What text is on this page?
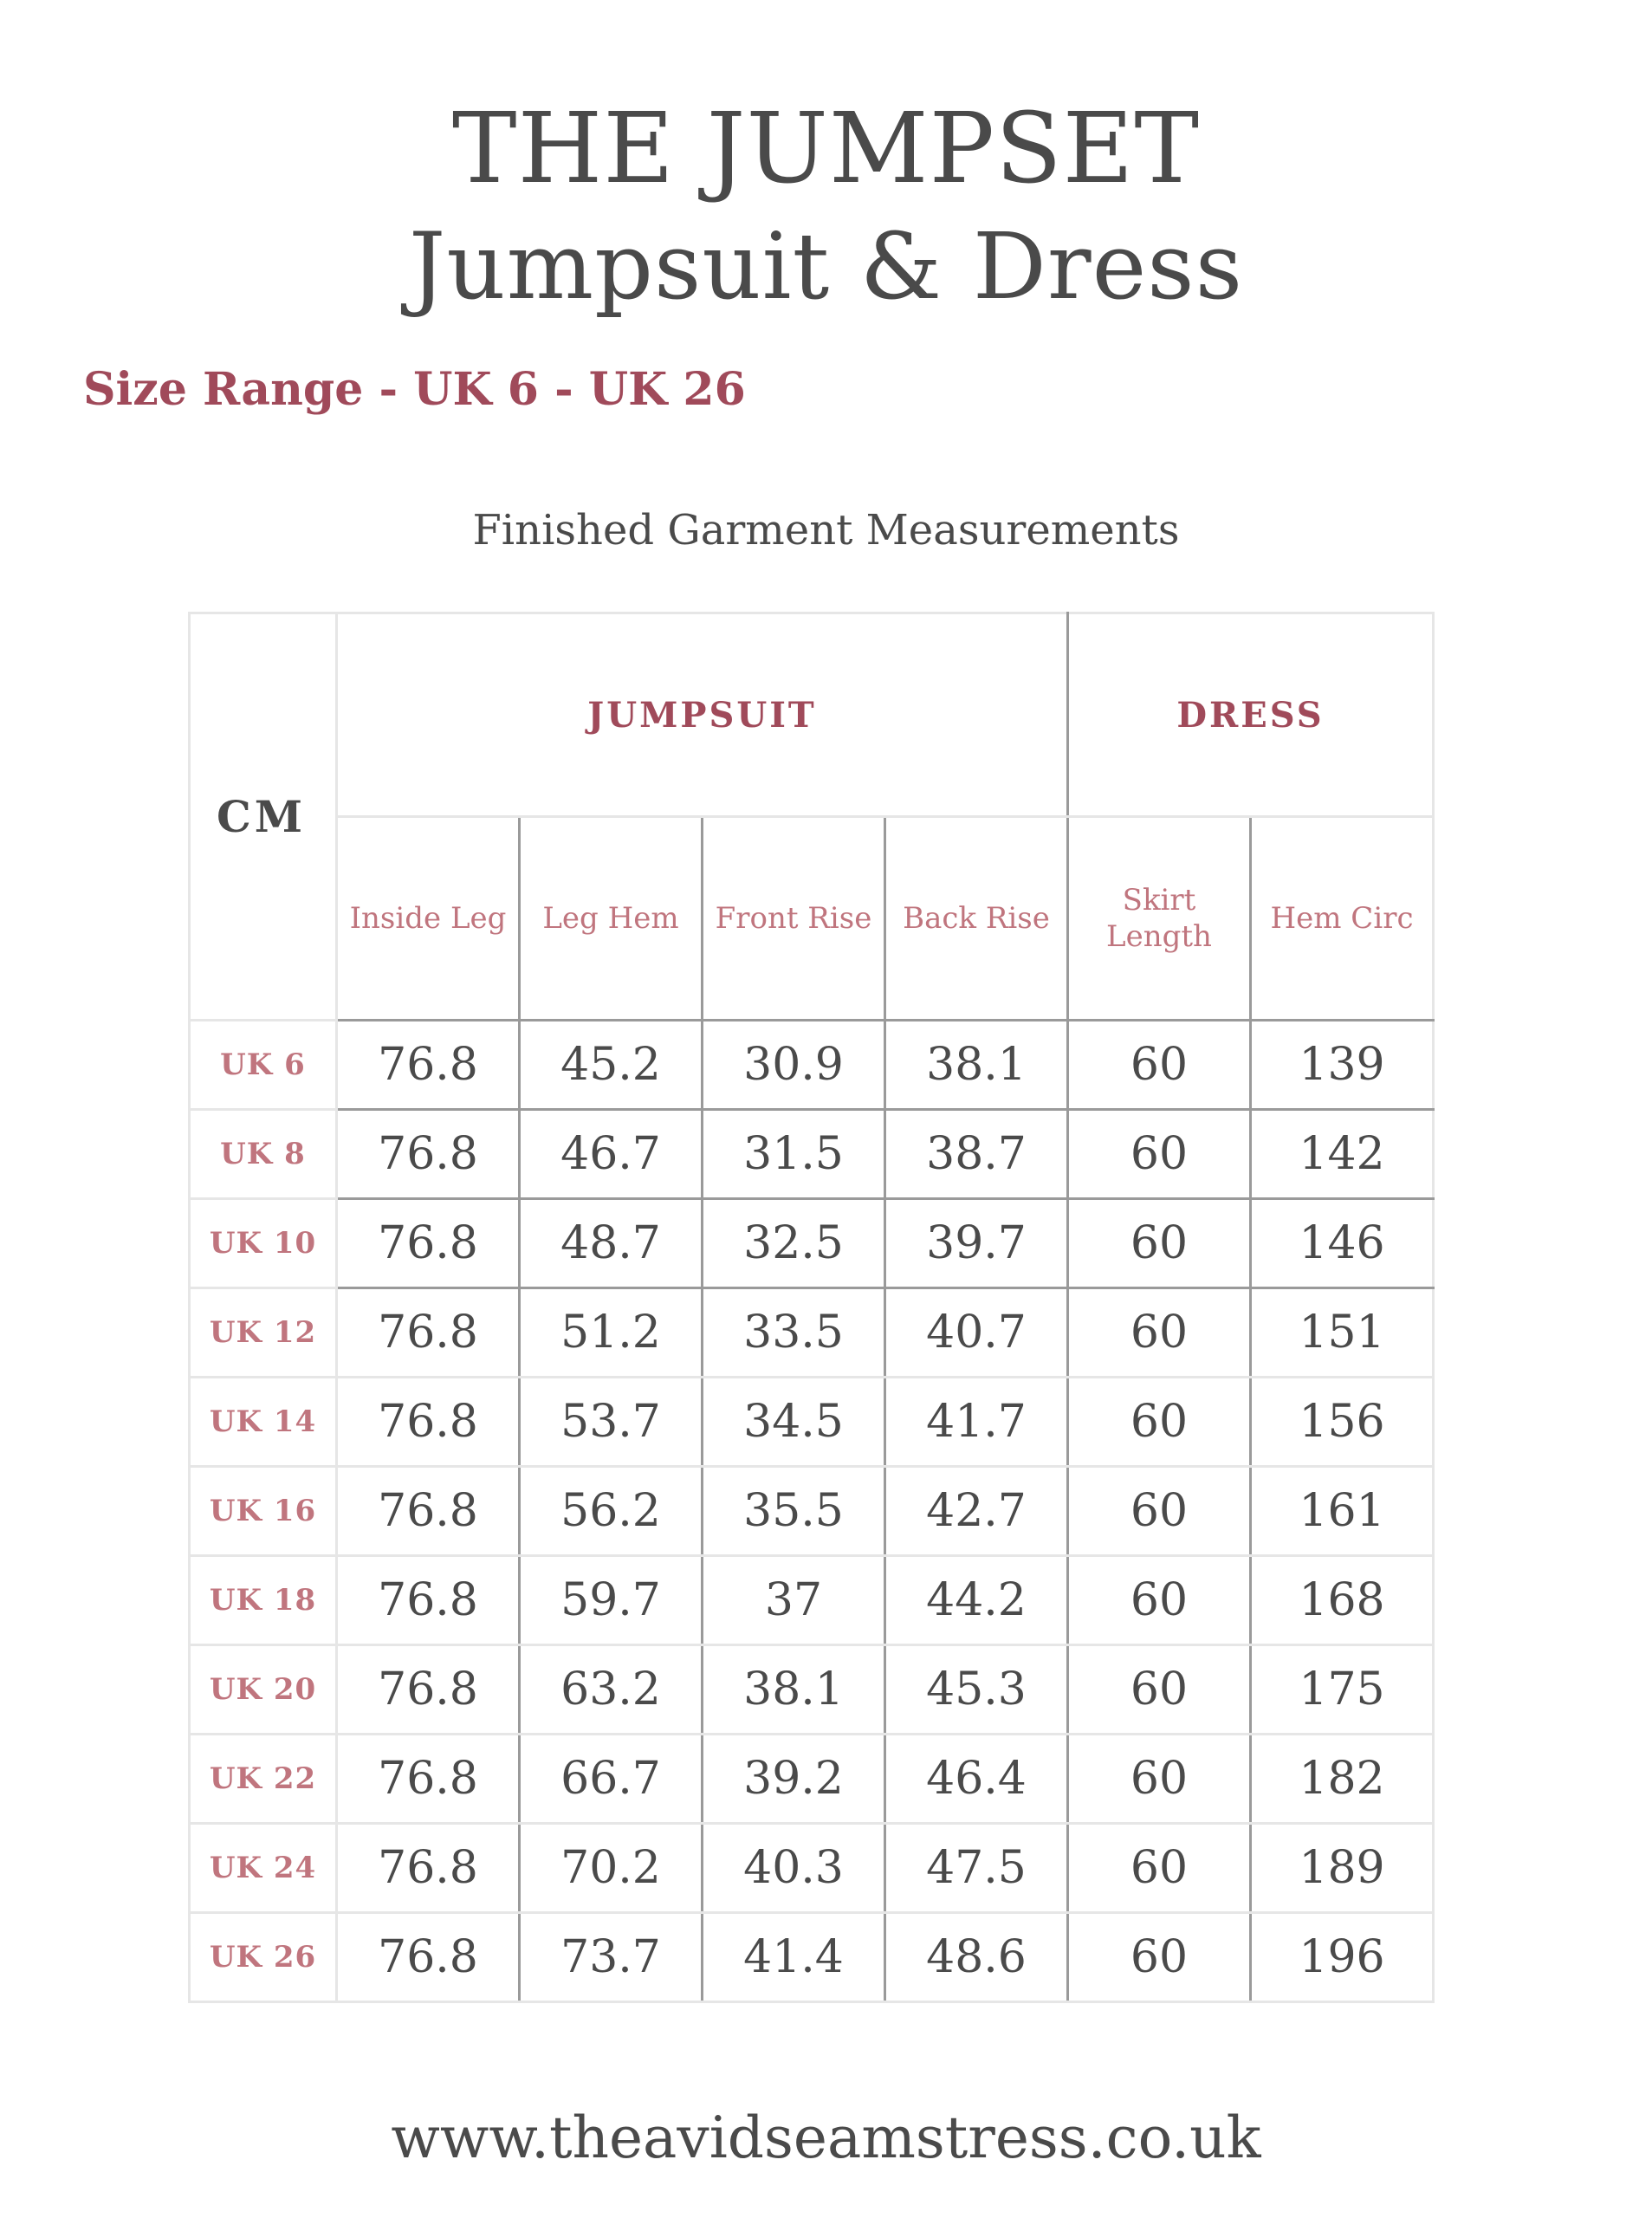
THE JUMPSET
Jumpsuit & Dress

Size Range - UK 6 - UK 26

Finished Garment Measurements

CM	JUMPSUIT				DRESS	
	Inside Leg	Leg Hem	Front Rise	Back Rise	Skirt Length	Hem Circ
UK 6	76.8	45.2	30.9	38.1	60	139
UK 8	76.8	46.7	31.5	38.7	60	142
UK 10	76.8	48.7	32.5	39.7	60	146
UK 12	76.8	51.2	33.5	40.7	60	151
UK 14	76.8	53.7	34.5	41.7	60	156
UK 16	76.8	56.2	35.5	42.7	60	161
UK 18	76.8	59.7	37	44.2	60	168
UK 20	76.8	63.2	38.1	45.3	60	175
UK 22	76.8	66.7	39.2	46.4	60	182
UK 24	76.8	70.2	40.3	47.5	60	189
UK 26	76.8	73.7	41.4	48.6	60	196

www.theavidseamstress.co.uk
